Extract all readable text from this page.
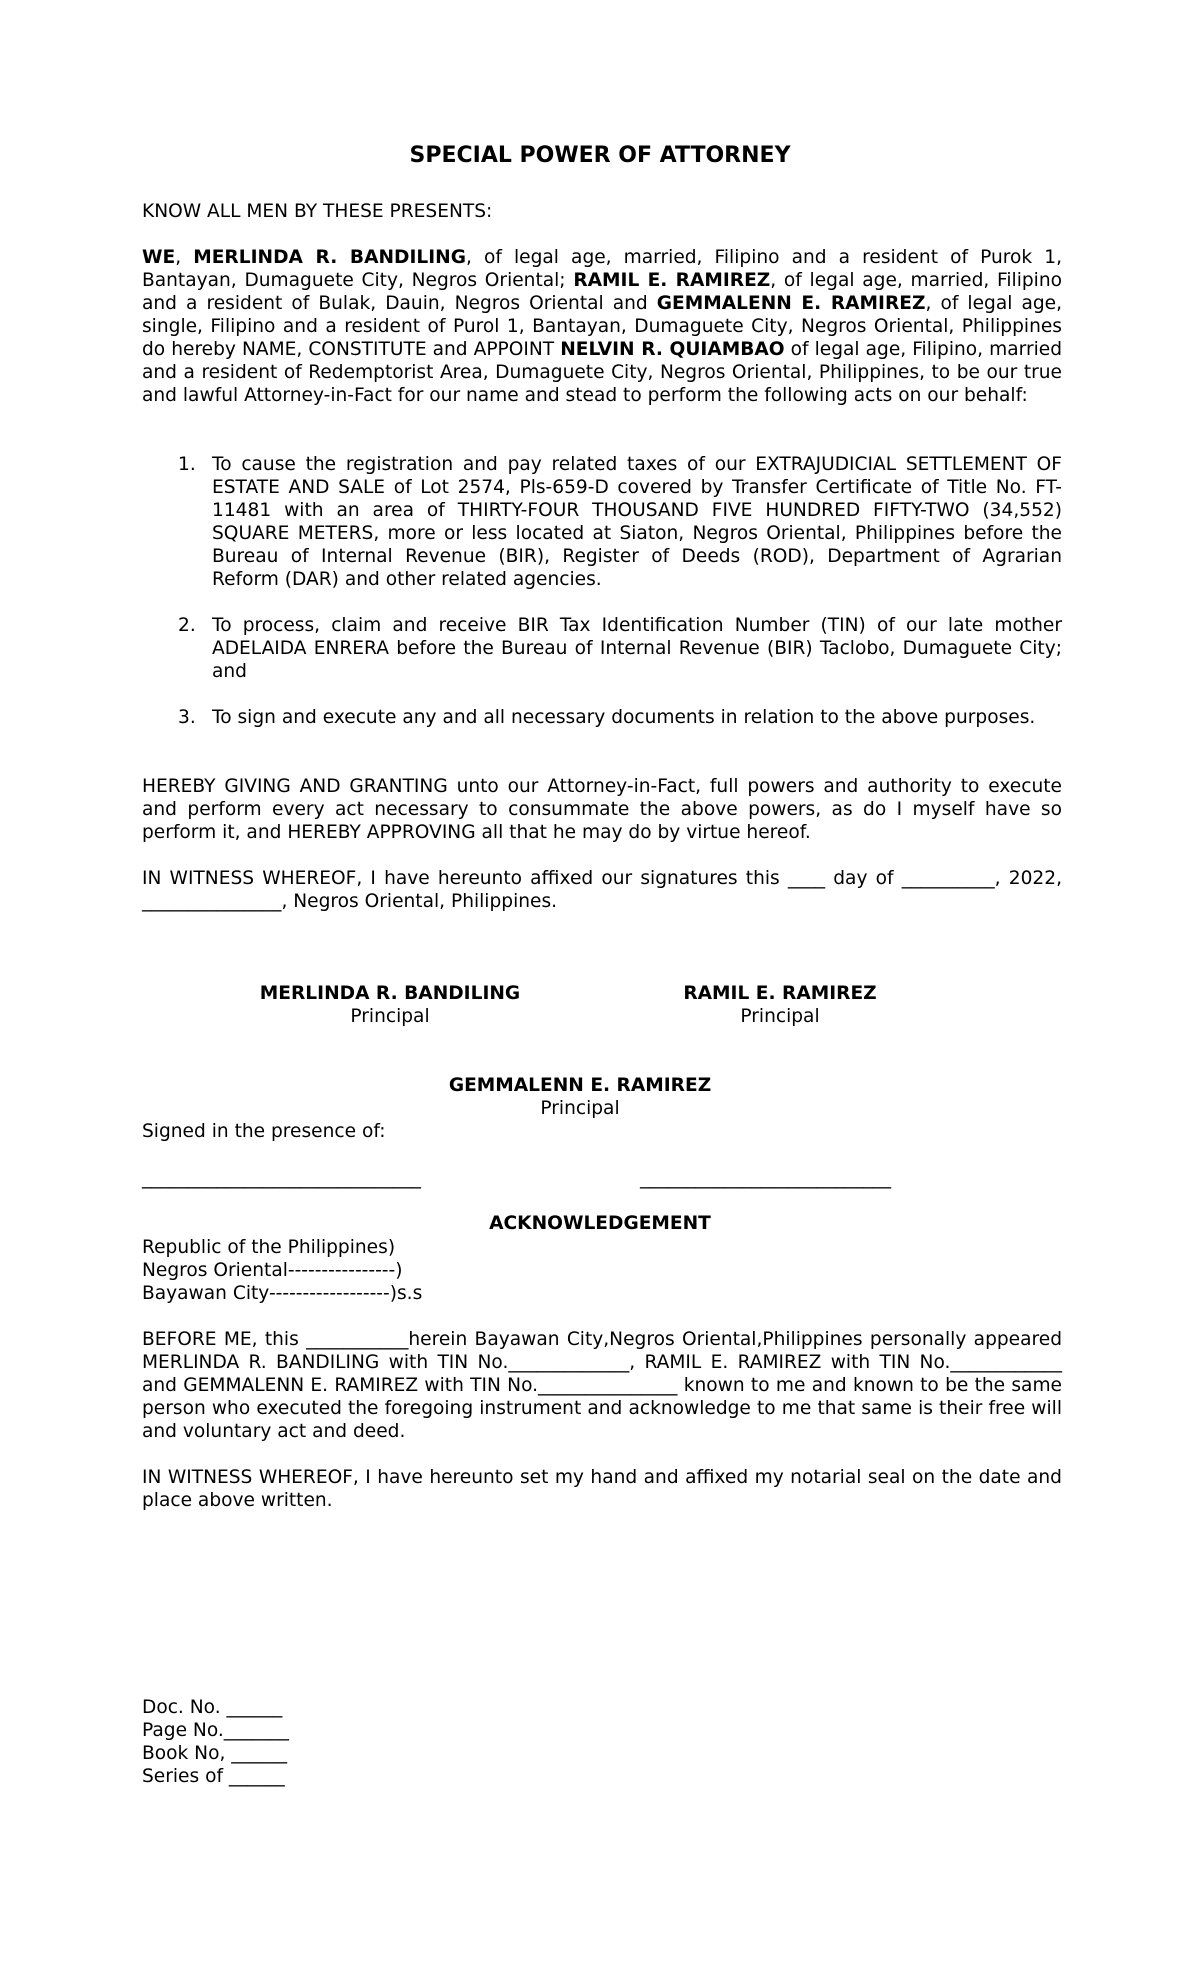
SPECIAL POWER OF ATTORNEY
KNOW ALL MEN BY THESE PRESENTS:
WE, MERLINDA R. BANDILING, of legal age, married, Filipino and a resident of Purok 1, Bantayan, Dumaguete City, Negros Oriental; RAMIL E. RAMIREZ, of legal age, married, Filipino and a resident of Bulak, Dauin, Negros Oriental and GEMMALENN E. RAMIREZ, of legal age, single, Filipino and a resident of Purol 1, Bantayan, Dumaguete City, Negros Oriental, Philippines do hereby NAME, CONSTITUTE and APPOINT NELVIN R. QUIAMBAO of legal age, Filipino, married and a resident of Redemptorist Area, Dumaguete City, Negros Oriental, Philippines, to be our true and lawful Attorney-in-Fact for our name and stead to perform the following acts on our behalf:
1. To cause the registration and pay related taxes of our EXTRAJUDICIAL SETTLEMENT OF ESTATE AND SALE of Lot 2574, Pls-659-D covered by Transfer Certificate of Title No. FT- 11481 with an area of THIRTY-FOUR THOUSAND FIVE HUNDRED FIFTY-TWO (34,552) SQUARE METERS, more or less located at Siaton, Negros Oriental, Philippines before the Bureau of Internal Revenue (BIR), Register of Deeds (ROD), Department of Agrarian Reform (DAR) and other related agencies.
2. To process, claim and receive BIR Tax Identification Number (TIN) of our late mother ADELAIDA ENRERA before the Bureau of Internal Revenue (BIR) Taclobo, Dumaguete City; and
3. To sign and execute any and all necessary documents in relation to the above purposes.
HEREBY GIVING AND GRANTING unto our Attorney-in-Fact, full powers and authority to execute and perform every act necessary to consummate the above powers, as do I myself have so perform it, and HEREBY APPROVING all that he may do by virtue hereof.
IN WITNESS WHEREOF, I have hereunto affixed our signatures this ____ day of __________, 2022, _______________, Negros Oriental, Philippines.
MERLINDA R. BANDILING
Principal
RAMIL E. RAMIREZ
Principal
GEMMALENN E. RAMIREZ
Principal
Signed in the presence of:
______________________________	___________________________
ACKNOWLEDGEMENT
Republic of the Philippines)
Negros Oriental----------------)
Bayawan City------------------)s.s
BEFORE ME, this ___________herein Bayawan City,Negros Oriental,Philippines personally appeared MERLINDA R. BANDILING with TIN No._____________, RAMIL E. RAMIREZ with TIN No.____________ and GEMMALENN E. RAMIREZ with TIN No._______________ known to me and known to be the same person who executed the foregoing instrument and acknowledge to me that same is their free will and voluntary act and deed.
IN WITNESS WHEREOF, I have hereunto set my hand and affixed my notarial seal on the date and place above written.
Doc. No. ______
Page No._______
Book No, ______
Series of ______
